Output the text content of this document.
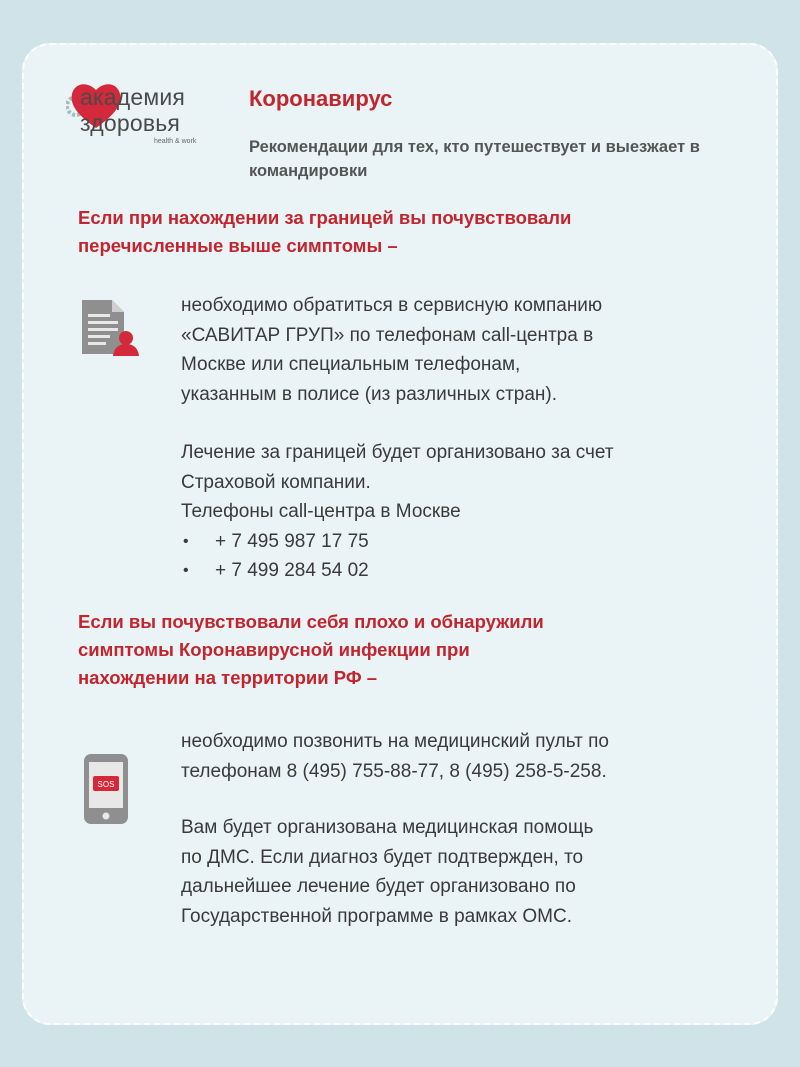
академия
здоровья
health & work
Коронавирус
Рекомендации для тех, кто путешествует и выезжает в командировки
Если при нахождении за границей вы почувствовали
перечисленные выше симптомы –
необходимо обратиться в сервисную компанию
«САВИТАР ГРУП» по телефонам call-центра в
Москве или специальным телефонам,
указанным в полисе (из различных стран).
Лечение за границей будет организовано за счет
Страховой компании.
Телефоны call-центра в Москве
• + 7 495 987 17 75
• + 7 499 284 54 02
Если вы почувствовали себя плохо и обнаружили
симптомы Коронавирусной инфекции при
нахождении на территории РФ –
SOS
необходимо позвонить на медицинский пульт по
телефонам 8 (495) 755-88-77, 8 (495) 258-5-258.
Вам будет организована медицинская помощь
по ДМС. Если диагноз будет подтвержден, то
дальнейшее лечение будет организовано по
Государственной программе в рамках ОМС.
